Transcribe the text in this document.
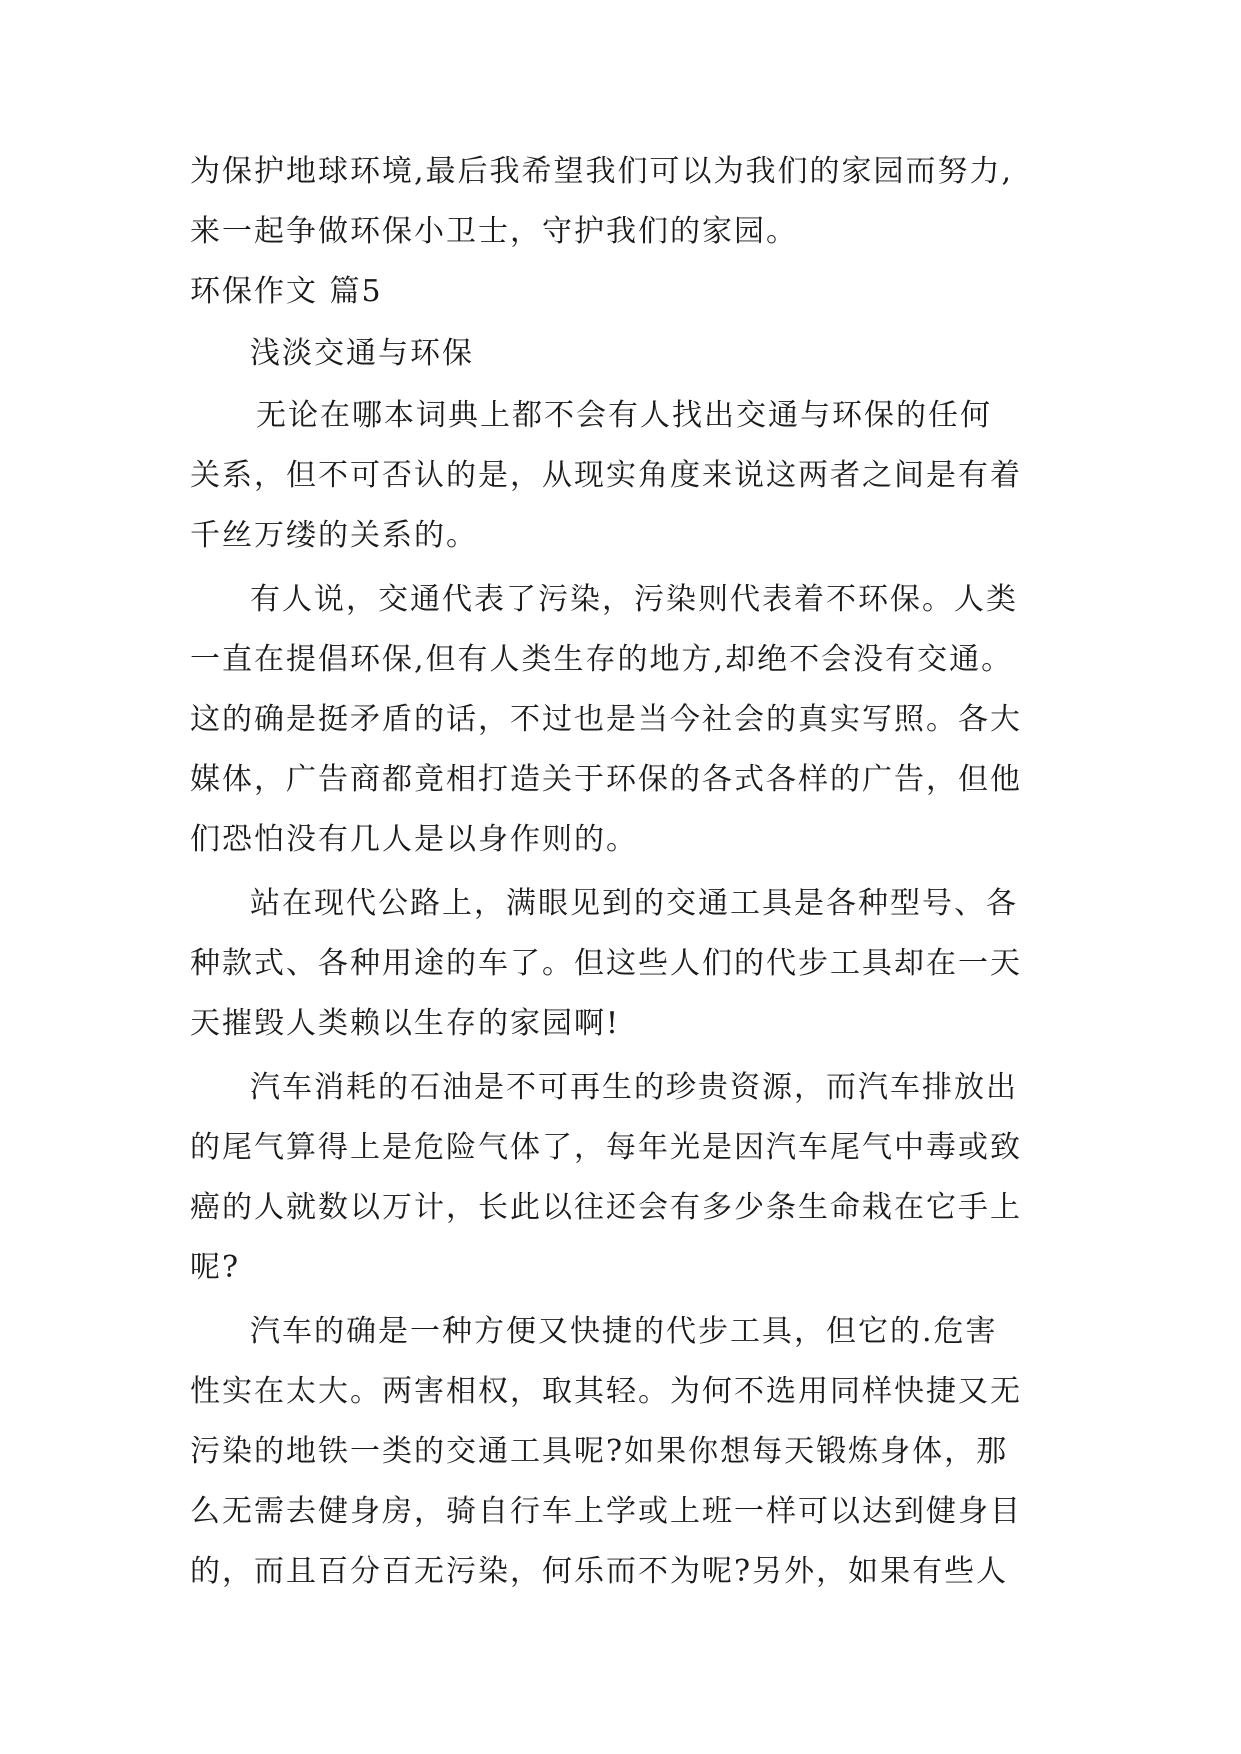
为保护地球环境,最后我希望我们可以为我们的家园而努力,
来一起争做环保小卫士，守护我们的家园。
环保作文 篇5
浅淡交通与环保
无论在哪本词典上都不会有人找出交通与环保的任何
关系，但不可否认的是，从现实角度来说这两者之间是有着
千丝万缕的关系的。
有人说，交通代表了污染，污染则代表着不环保。人类
一直在提倡环保,但有人类生存的地方,却绝不会没有交通。
这的确是挺矛盾的话，不过也是当今社会的真实写照。各大
媒体，广告商都竟相打造关于环保的各式各样的广告，但他
们恐怕没有几人是以身作则的。
站在现代公路上，满眼见到的交通工具是各种型号、各
种款式、各种用途的车了。但这些人们的代步工具却在一天
天摧毁人类赖以生存的家园啊!
汽车消耗的石油是不可再生的珍贵资源，而汽车排放出
的尾气算得上是危险气体了，每年光是因汽车尾气中毒或致
癌的人就数以万计，长此以往还会有多少条生命栽在它手上
呢?
汽车的确是一种方便又快捷的代步工具，但它的.危害
性实在太大。两害相权，取其轻。为何不选用同样快捷又无
污染的地铁一类的交通工具呢?如果你想每天锻炼身体，那
么无需去健身房，骑自行车上学或上班一样可以达到健身目
的，而且百分百无污染，何乐而不为呢?另外，如果有些人
